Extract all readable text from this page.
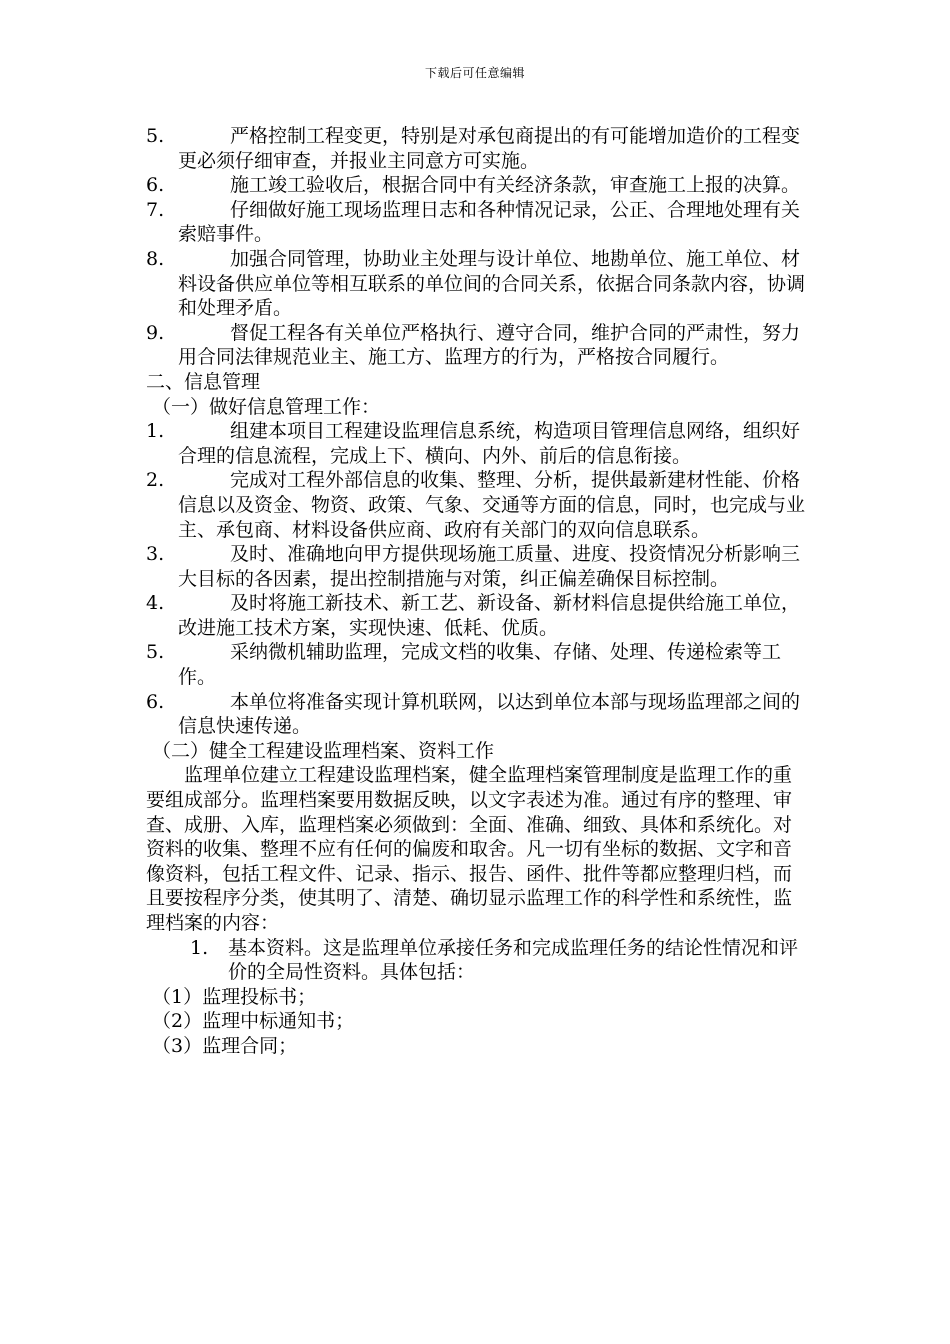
下载后可任意编辑
5.	严格控制工程变更，特别是对承包商提出的有可能增加造价的工程变更必须仔细审查，并报业主同意方可实施。
6.	施工竣工验收后，根据合同中有关经济条款，审查施工上报的决算。
7.	仔细做好施工现场监理日志和各种情况记录，公正、合理地处理有关索赔事件。
8.	加强合同管理，协助业主处理与设计单位、地勘单位、施工单位、材料设备供应单位等相互联系的单位间的合同关系，依据合同条款内容，协调和处理矛盾。
9.	督促工程各有关单位严格执行、遵守合同，维护合同的严肃性，努力用合同法律规范业主、施工方、监理方的行为，严格按合同履行。
二、信息管理
（一）做好信息管理工作：
1.	组建本项目工程建设监理信息系统，构造项目管理信息网络，组织好合理的信息流程，完成上下、横向、内外、前后的信息衔接。
2.	完成对工程外部信息的收集、整理、分析，提供最新建材性能、价格信息以及资金、物资、政策、气象、交通等方面的信息，同时，也完成与业主、承包商、材料设备供应商、政府有关部门的双向信息联系。
3.	及时、准确地向甲方提供现场施工质量、进度、投资情况分析影响三大目标的各因素，提出控制措施与对策，纠正偏差确保目标控制。
4.	及时将施工新技术、新工艺、新设备、新材料信息提供给施工单位，改进施工技术方案，实现快速、低耗、优质。
5.	采纳微机辅助监理，完成文档的收集、存储、处理、传递检索等工作。
6.	本单位将准备实现计算机联网，以达到单位本部与现场监理部之间的信息快速传递。
（二）健全工程建设监理档案、资料工作
监理单位建立工程建设监理档案，健全监理档案管理制度是监理工作的重要组成部分。监理档案要用数据反映，以文字表述为准。通过有序的整理、审查、成册、入库，监理档案必须做到：全面、准确、细致、具体和系统化。对资料的收集、整理不应有任何的偏废和取舍。凡一切有坐标的数据、文字和音像资料，包括工程文件、记录、指示、报告、函件、批件等都应整理归档，而且要按程序分类，使其明了、清楚、确切显示监理工作的科学性和系统性，监理档案的内容：
1.	基本资料。这是监理单位承接任务和完成监理任务的结论性情况和评价的全局性资料。具体包括：
（1）监理投标书；
（2）监理中标通知书；
（3）监理合同；
